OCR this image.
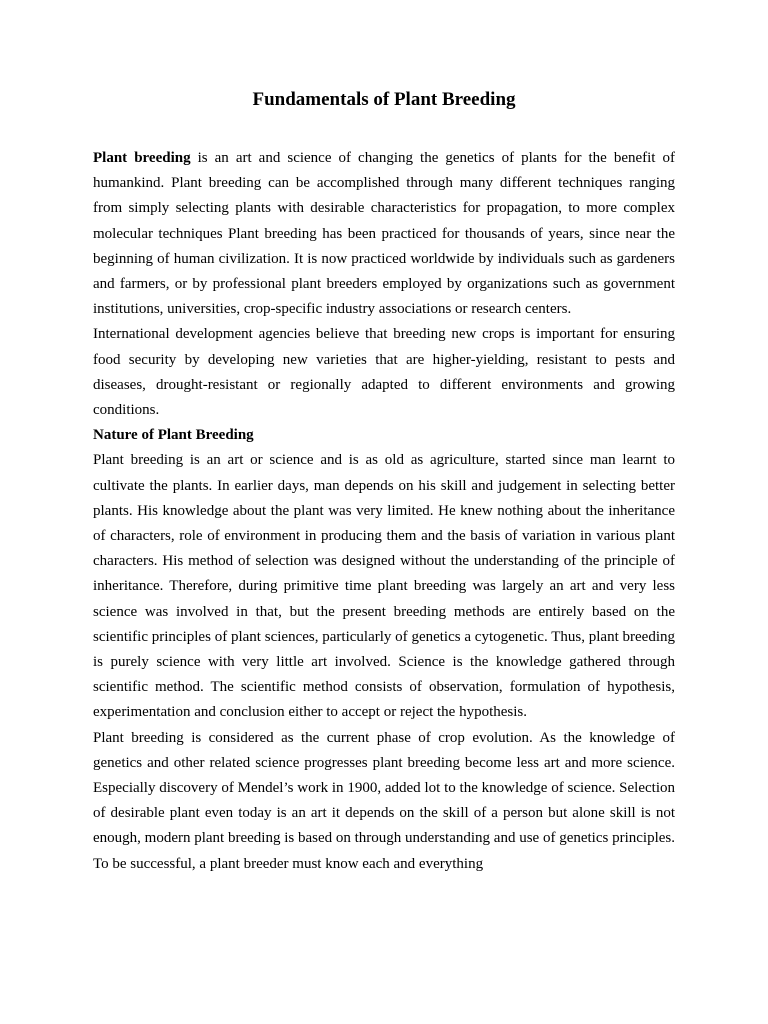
Fundamentals of Plant Breeding

Plant breeding is an art and science of changing the genetics of plants for the benefit of humankind. Plant breeding can be accomplished through many different techniques ranging from simply selecting plants with desirable characteristics for propagation, to more complex molecular techniques Plant breeding has been practiced for thousands of years, since near the beginning of human civilization. It is now practiced worldwide by individuals such as gardeners and farmers, or by professional plant breeders employed by organizations such as government institutions, universities, crop-specific industry associations or research centers.

International development agencies believe that breeding new crops is important for ensuring food security by developing new varieties that are higher-yielding, resistant to pests and diseases, drought-resistant or regionally adapted to different environments and growing conditions.

Nature of Plant Breeding

Plant breeding is an art or science and is as old as agriculture, started since man learnt to cultivate the plants. In earlier days, man depends on his skill and judgement in selecting better plants. His knowledge about the plant was very limited. He knew nothing about the inheritance of characters, role of environment in producing them and the basis of variation in various plant characters. His method of selection was designed without the understanding of the principle of inheritance. Therefore, during primitive time plant breeding was largely an art and very less science was involved in that, but the present breeding methods are entirely based on the scientific principles of plant sciences, particularly of genetics a cytogenetic. Thus, plant breeding is purely science with very little art involved. Science is the knowledge gathered through scientific method. The scientific method consists of observation, formulation of hypothesis, experimentation and conclusion either to accept or reject the hypothesis.

Plant breeding is considered as the current phase of crop evolution. As the knowledge of genetics and other related science progresses plant breeding become less art and more science. Especially discovery of Mendel’s work in 1900, added lot to the knowledge of science. Selection of desirable plant even today is an art it depends on the skill of a person but alone skill is not enough, modern plant breeding is based on through understanding and use of genetics principles. To be successful, a plant breeder must know each and everything
